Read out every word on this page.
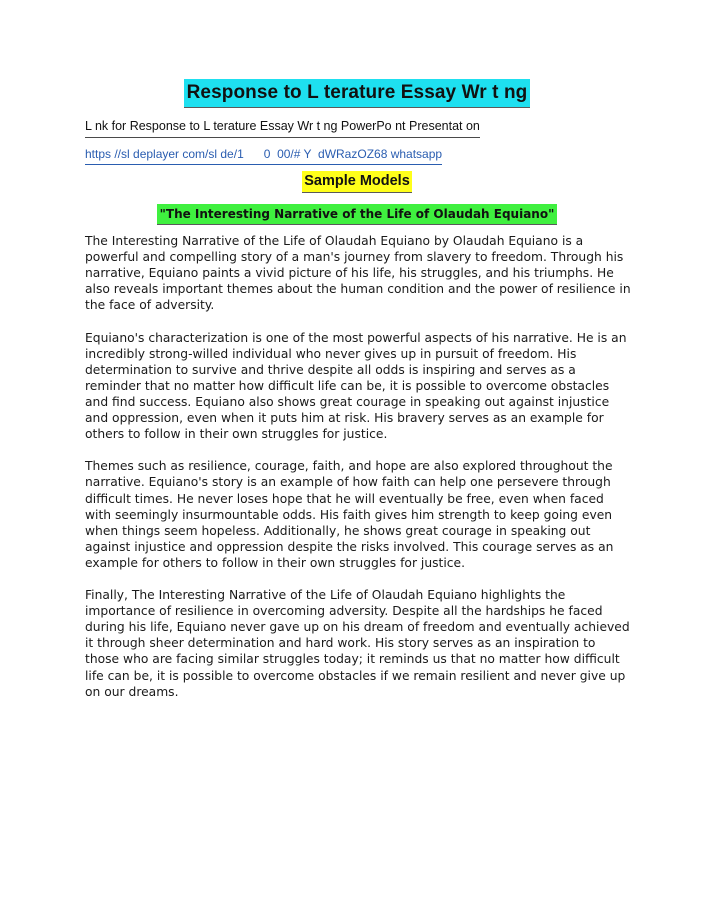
Response to L terature Essay Wr t ng
L nk for Response to L terature Essay Wr t ng PowerPo nt Presentat on
https //sl deplayer com/sl de/1      0  00/# Y  dWRazOZ68 whatsapp
Sample Models
"The Interesting Narrative of the Life of Olaudah Equiano"

The Interesting Narrative of the Life of Olaudah Equiano by Olaudah Equiano is a powerful and compelling story of a man's journey from slavery to freedom. Through his narrative, Equiano paints a vivid picture of his life, his struggles, and his triumphs. He also reveals important themes about the human condition and the power of resilience in the face of adversity.

Equiano's characterization is one of the most powerful aspects of his narrative. He is an incredibly strong-willed individual who never gives up in pursuit of freedom. His determination to survive and thrive despite all odds is inspiring and serves as a reminder that no matter how difficult life can be, it is possible to overcome obstacles and find success. Equiano also shows great courage in speaking out against injustice and oppression, even when it puts him at risk. His bravery serves as an example for others to follow in their own struggles for justice.

Themes such as resilience, courage, faith, and hope are also explored throughout the narrative. Equiano's story is an example of how faith can help one persevere through difficult times. He never loses hope that he will eventually be free, even when faced with seemingly insurmountable odds. His faith gives him strength to keep going even when things seem hopeless. Additionally, he shows great courage in speaking out against injustice and oppression despite the risks involved. This courage serves as an example for others to follow in their own struggles for justice.

Finally, The Interesting Narrative of the Life of Olaudah Equiano highlights the importance of resilience in overcoming adversity. Despite all the hardships he faced during his life, Equiano never gave up on his dream of freedom and eventually achieved it through sheer determination and hard work. His story serves as an inspiration to those who are facing similar struggles today; it reminds us that no matter how difficult life can be, it is possible to overcome obstacles if we remain resilient and never give up on our dreams.
